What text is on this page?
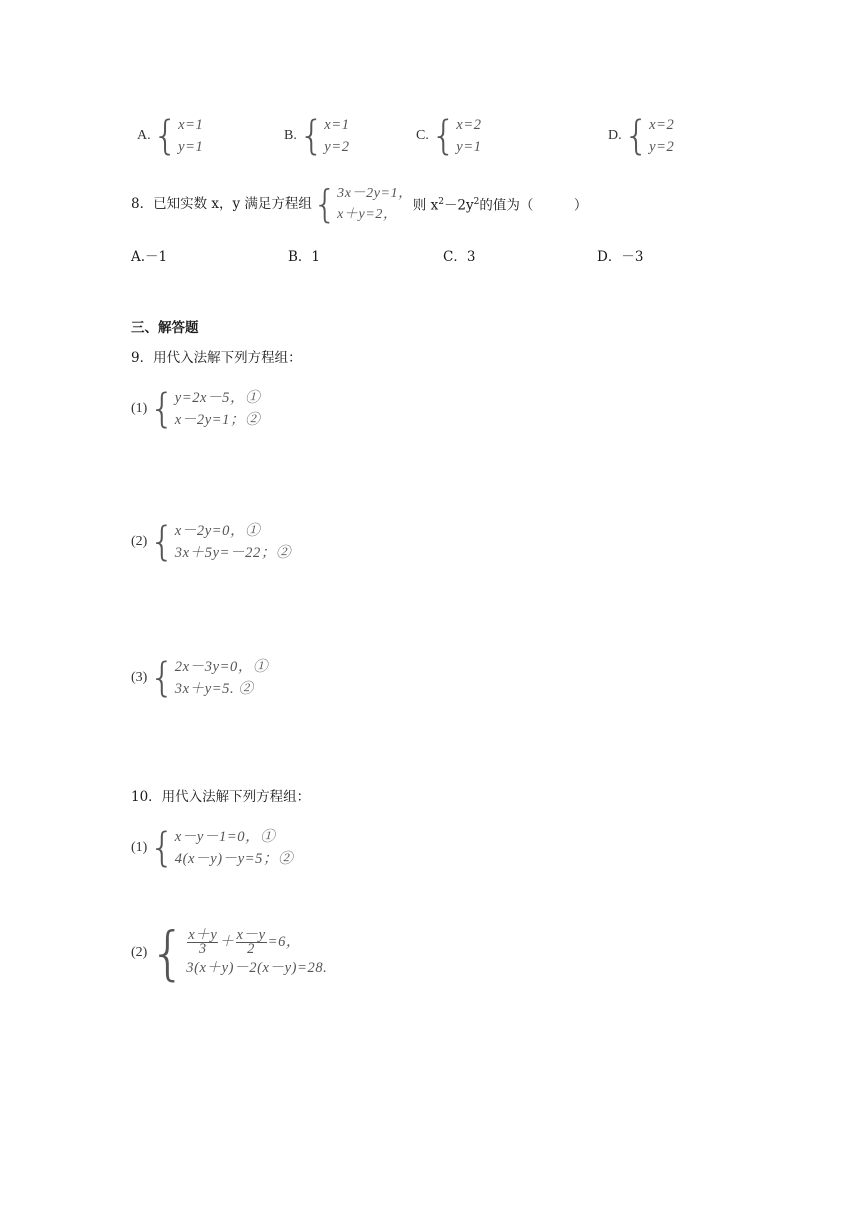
A. { x=1
y=1
B. { x=1
y=2
C. { x=2
y=1
D. { x=2
y=2
8．已知实数 x，y 满足方程组 { 3x－2y=1，
x＋y=2，
则 $x^2-2y^2$的值为（　　　）
A.－1	B．1	C．3	D．－3
三、解答题
9．用代入法解下列方程组：
(1) { y=2x－5，①
x－2y=1；②
(2) { x－2y=0，①
3x＋5y=－22；②
(3) { 2x－3y=0，①
3x＋y=5. ②
10．用代入法解下列方程组：
(1) { x－y－1=0，①
4(x－y)－y=5；②
(2) { $\frac{x+y}{3} + \frac{x-y}{2} =6$，
3(x＋y)－2(x－y)=28.
